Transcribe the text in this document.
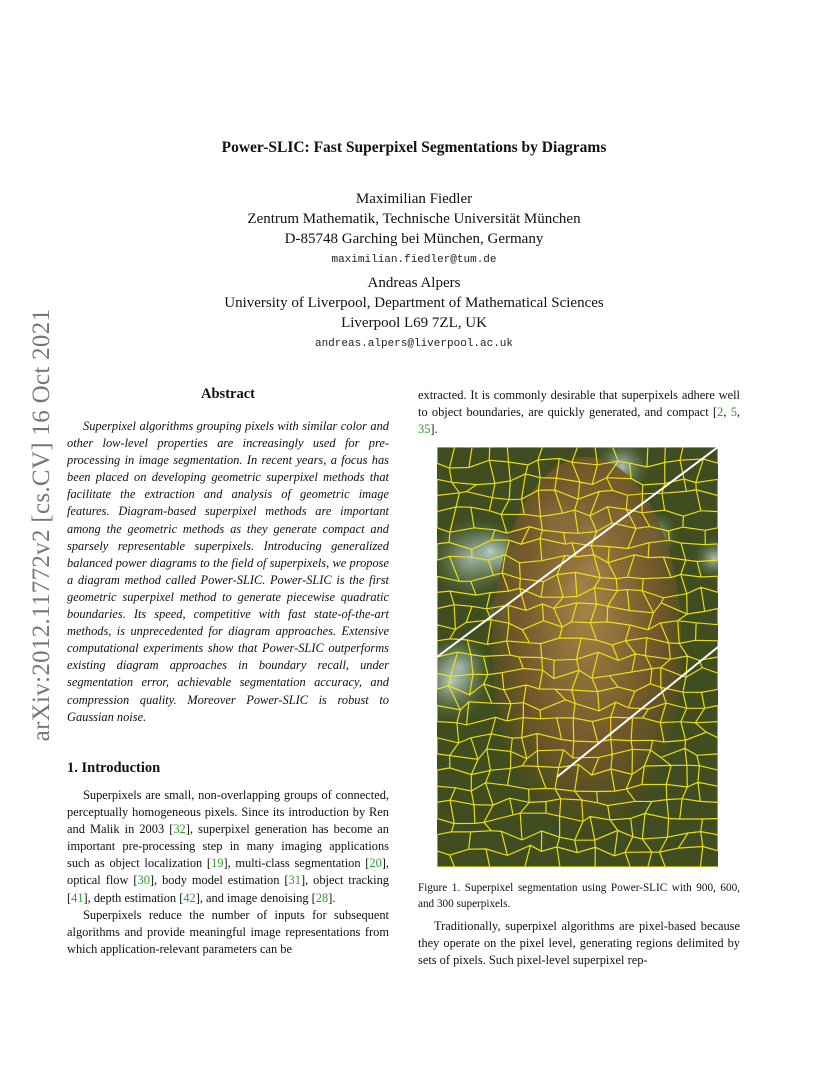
arXiv:2012.11772v2 [cs.CV] 16 Oct 2021
Power-SLIC: Fast Superpixel Segmentations by Diagrams
Maximilian Fiedler
Zentrum Mathematik, Technische Universität München
D-85748 Garching bei München, Germany
maximilian.fiedler@tum.de
Andreas Alpers
University of Liverpool, Department of Mathematical Sciences
Liverpool L69 7ZL, UK
andreas.alpers@liverpool.ac.uk
Abstract

Superpixel algorithms grouping pixels with similar color and other low-level properties are increasingly used for pre-processing in image segmentation. In recent years, a focus has been placed on developing geometric superpixel methods that facilitate the extraction and analysis of geometric image features. Diagram-based superpixel methods are important among the geometric methods as they generate compact and sparsely representable superpixels. Introducing generalized balanced power diagrams to the field of superpixels, we propose a diagram method called Power-SLIC. Power-SLIC is the first geometric superpixel method to generate piecewise quadratic boundaries. Its speed, competitive with fast state-of-the-art methods, is unprecedented for diagram approaches. Extensive computational experiments show that Power-SLIC outperforms existing diagram approaches in boundary recall, under segmentation error, achievable segmentation accuracy, and compression quality. Moreover Power-SLIC is robust to Gaussian noise.

1. Introduction

Superpixels are small, non-overlapping groups of connected, perceptually homogeneous pixels. Since its introduction by Ren and Malik in 2003 [32], superpixel generation has become an important pre-processing step in many imaging applications such as object localization [19], multi-class segmentation [20], optical flow [30], body model estimation [31], object tracking [41], depth estimation [42], and image denoising [28].

Superpixels reduce the number of inputs for subsequent algorithms and provide meaningful image representations from which application-relevant parameters can be

extracted. It is commonly desirable that superpixels adhere well to object boundaries, are quickly generated, and compact [2, 5, 35].

Figure 1. Superpixel segmentation using Power-SLIC with 900, 600, and 300 superpixels.

Traditionally, superpixel algorithms are pixel-based because they operate on the pixel level, generating regions delimited by sets of pixels. Such pixel-level superpixel rep-
